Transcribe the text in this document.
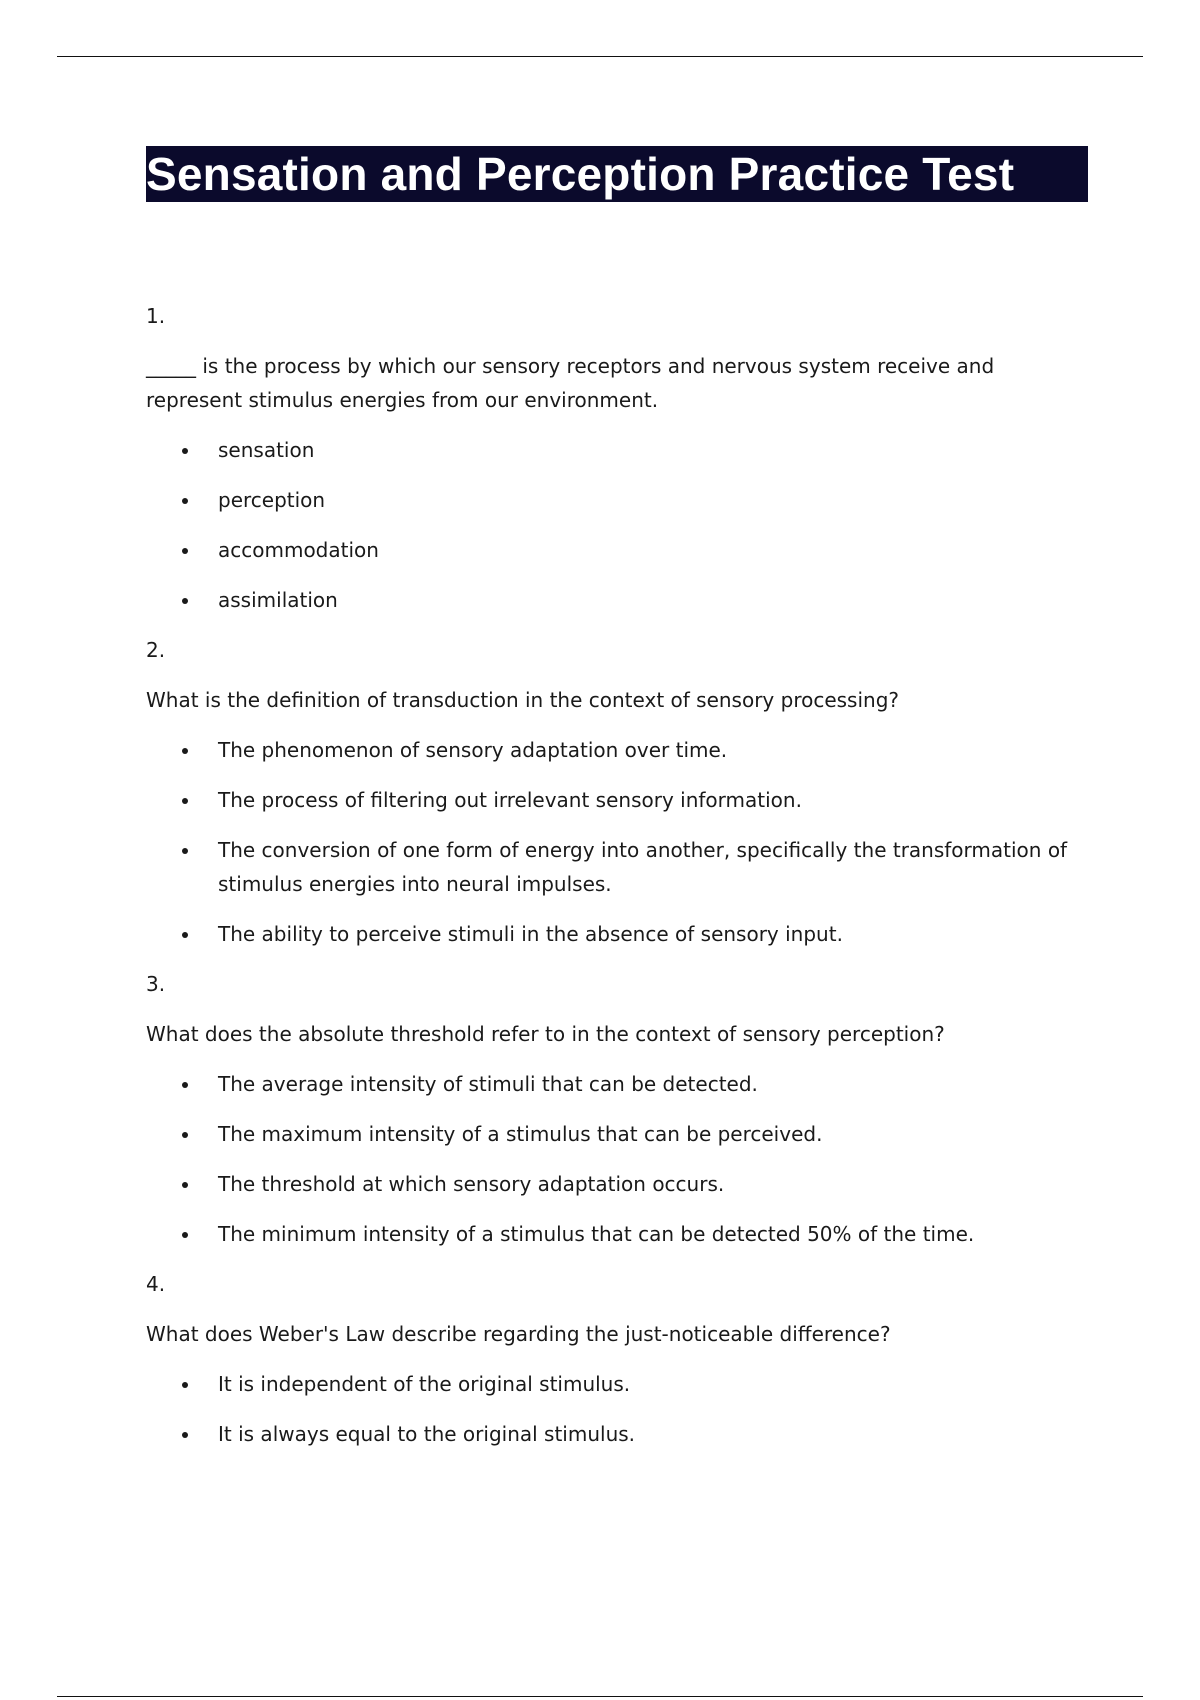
Sensation and Perception Practice Test

1.

_____ is the process by which our sensory receptors and nervous system receive and represent stimulus energies from our environment.

sensation
perception
accommodation
assimilation

2.

What is the definition of transduction in the context of sensory processing?

The phenomenon of sensory adaptation over time.
The process of filtering out irrelevant sensory information.
The conversion of one form of energy into another, specifically the transformation of stimulus energies into neural impulses.
The ability to perceive stimuli in the absence of sensory input.

3.

What does the absolute threshold refer to in the context of sensory perception?

The average intensity of stimuli that can be detected.
The maximum intensity of a stimulus that can be perceived.
The threshold at which sensory adaptation occurs.
The minimum intensity of a stimulus that can be detected 50% of the time.

4.

What does Weber's Law describe regarding the just-noticeable difference?

It is independent of the original stimulus.
It is always equal to the original stimulus.
